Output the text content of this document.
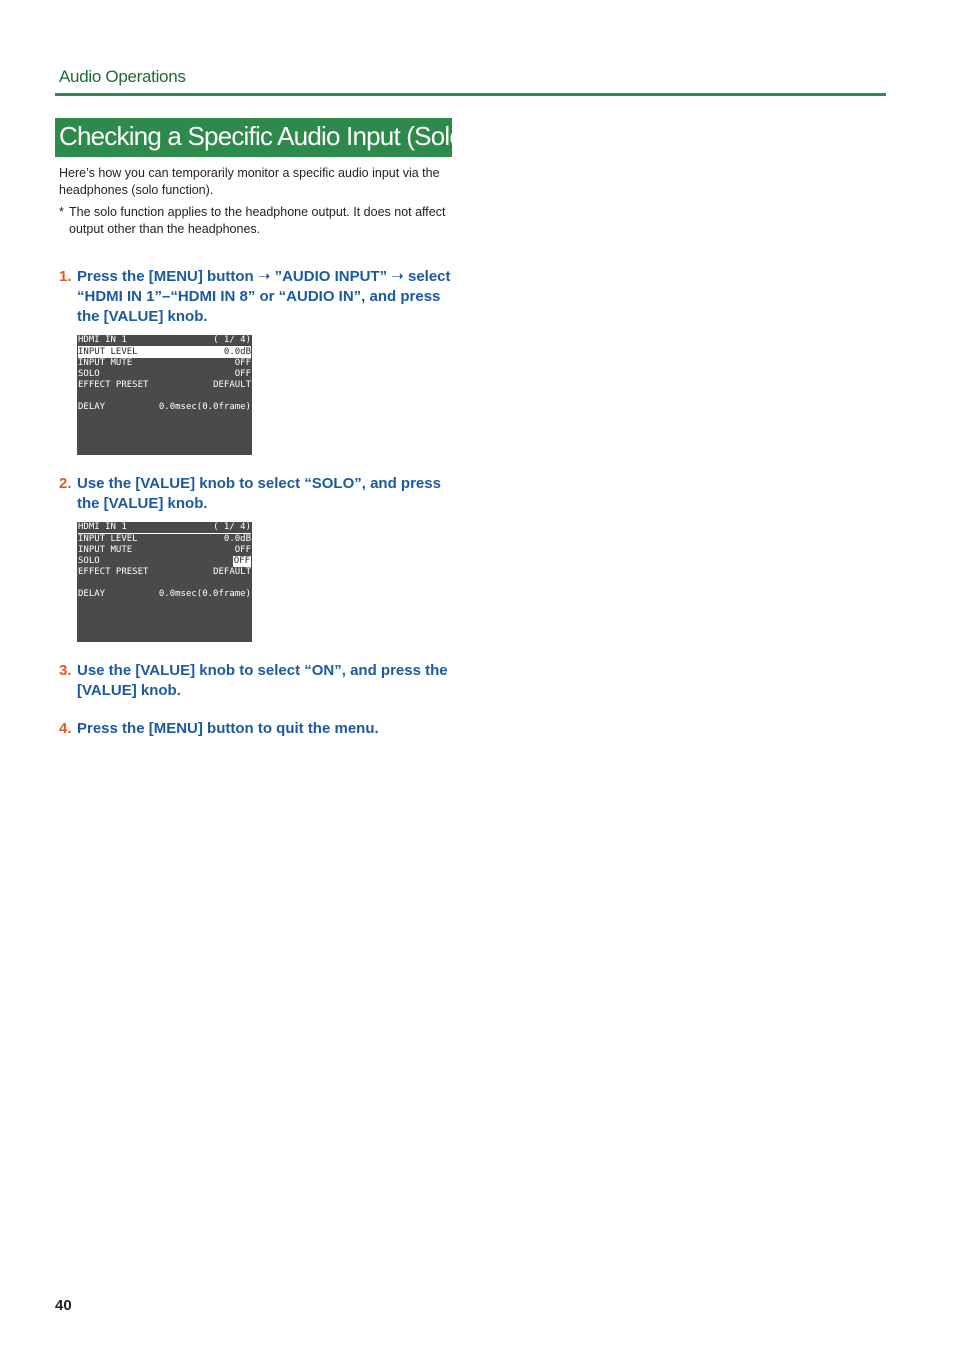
Audio Operations
Checking a Specific Audio Input (Solo)
Here’s how you can temporarily monitor a specific audio input via the headphones (solo function).
* The solo function applies to the headphone output. It does not affect output other than the headphones.
1. Press the [MENU] button ➝ ”AUDIO INPUT” ➝ select “HDMI IN 1”–“HDMI IN 8” or “AUDIO IN”, and press the [VALUE] knob.
HDMI IN 1	( 1/ 4)
INPUT LEVEL	0.0dB
INPUT MUTE	OFF
SOLO	OFF
EFFECT PRESET	DEFAULT
DELAY	0.0msec(0.0frame)
2. Use the [VALUE] knob to select “SOLO”, and press the [VALUE] knob.
HDMI IN 1	( 1/ 4)
INPUT LEVEL	0.0dB
INPUT MUTE	OFF
SOLO	OFF
EFFECT PRESET	DEFAULT
DELAY	0.0msec(0.0frame)
3. Use the [VALUE] knob to select “ON”, and press the [VALUE] knob.
4. Press the [MENU] button to quit the menu.
40
